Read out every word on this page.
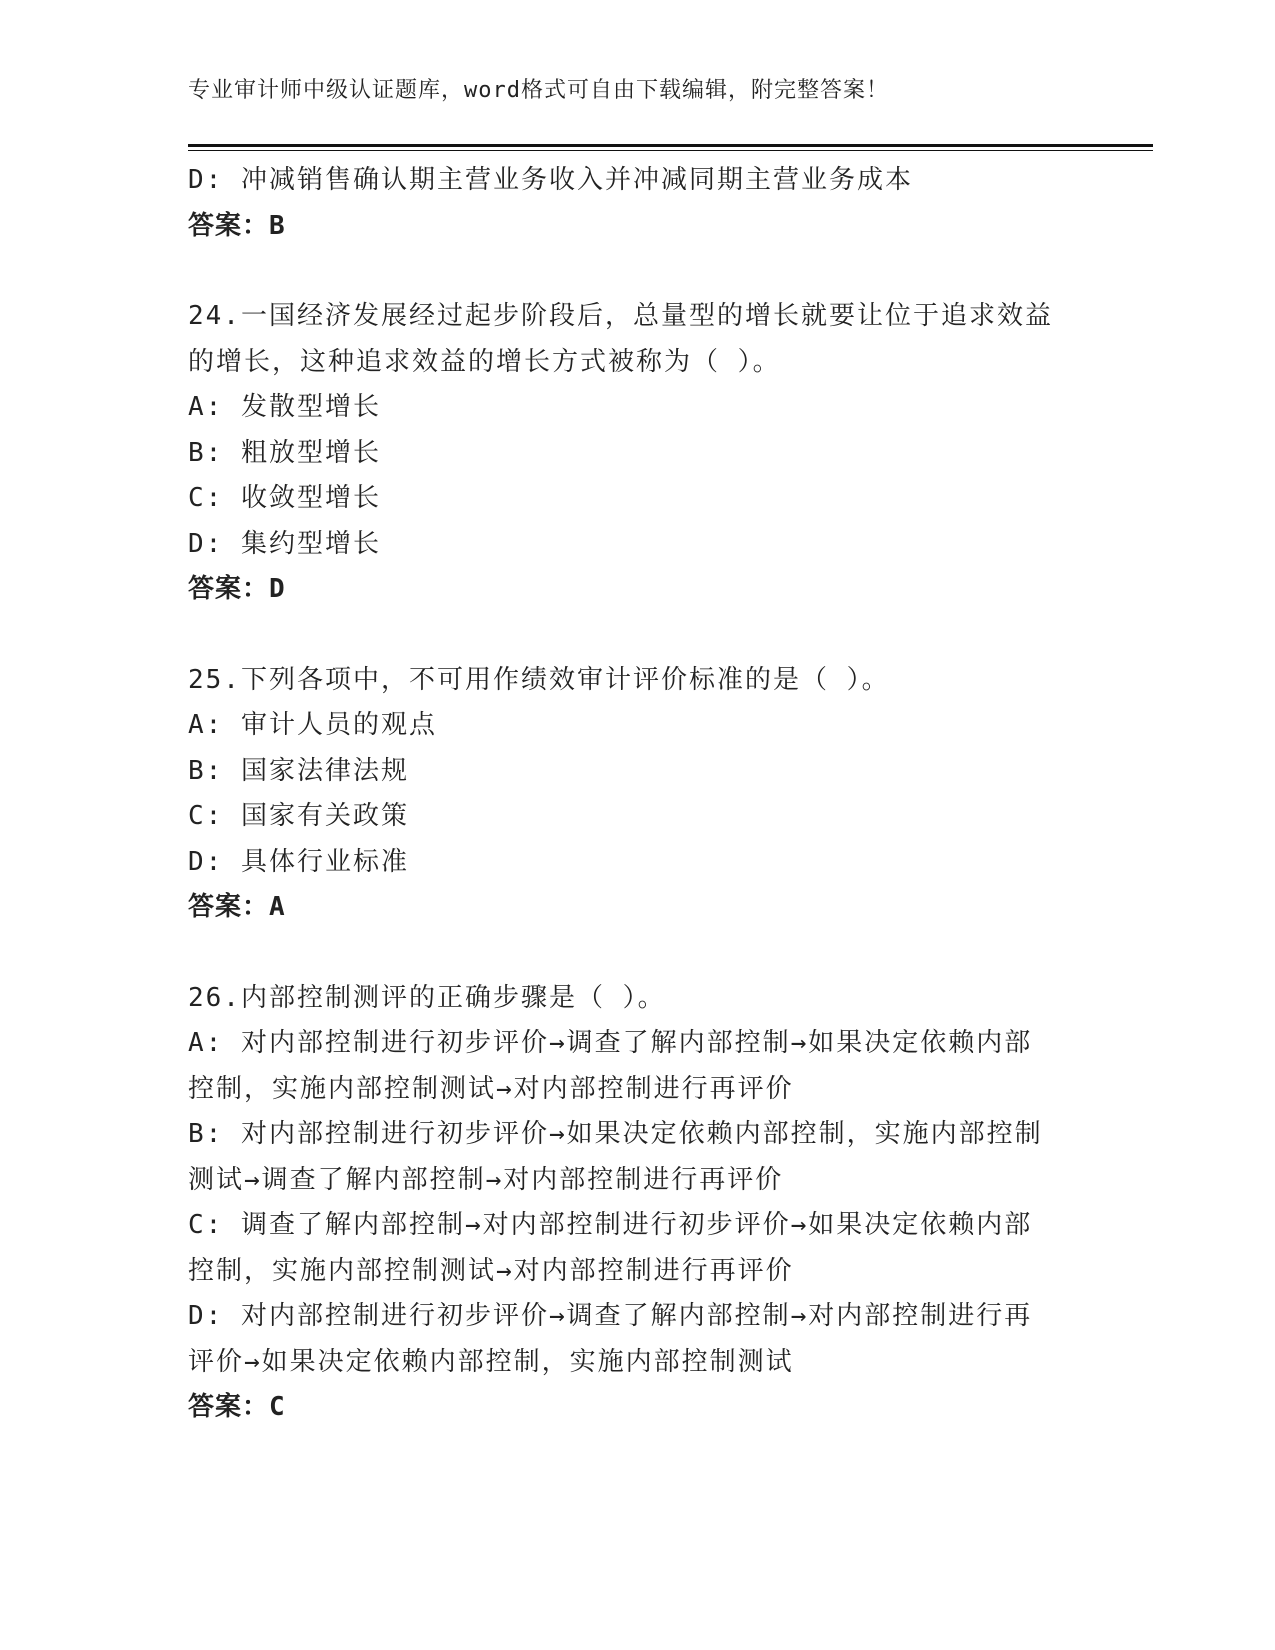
专业审计师中级认证题库，word格式可自由下载编辑，附完整答案！
D: 冲减销售确认期主营业务收入并冲减同期主营业务成本
答案：B
24.一国经济发展经过起步阶段后，总量型的增长就要让位于追求效益
的增长，这种追求效益的增长方式被称为（ ）。
A: 发散型增长
B: 粗放型增长
C: 收敛型增长
D: 集约型增长
答案：D
25.下列各项中，不可用作绩效审计评价标准的是（ ）。
A: 审计人员的观点
B: 国家法律法规
C: 国家有关政策
D: 具体行业标准
答案：A
26.内部控制测评的正确步骤是（ ）。
A: 对内部控制进行初步评价→调查了解内部控制→如果决定依赖内部
控制，实施内部控制测试→对内部控制进行再评价
B: 对内部控制进行初步评价→如果决定依赖内部控制，实施内部控制
测试→调查了解内部控制→对内部控制进行再评价
C: 调查了解内部控制→对内部控制进行初步评价→如果决定依赖内部
控制，实施内部控制测试→对内部控制进行再评价
D: 对内部控制进行初步评价→调查了解内部控制→对内部控制进行再
评价→如果决定依赖内部控制，实施内部控制测试
答案：C
